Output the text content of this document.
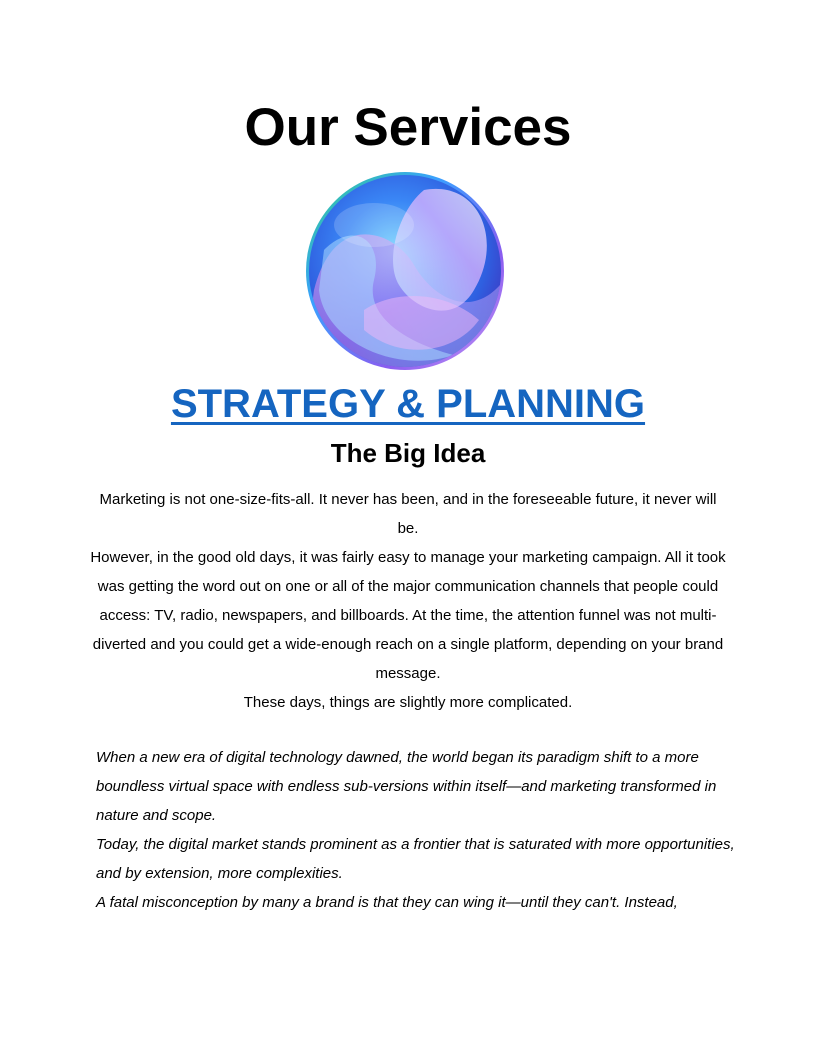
Our Services
STRATEGY & PLANNING
The Big Idea

Marketing is not one-size-fits-all. It never has been, and in the foreseeable future, it never will be.

However, in the good old days, it was fairly easy to manage your marketing campaign. All it took was getting the word out on one or all of the major communication channels that people could access: TV, radio, newspapers, and billboards. At the time, the attention funnel was not multi-diverted and you could get a wide-enough reach on a single platform, depending on your brand message.

These days, things are slightly more complicated.

When a new era of digital technology dawned, the world began its paradigm shift to a more boundless virtual space with endless sub-versions within itself—and marketing transformed in nature and scope.

Today, the digital market stands prominent as a frontier that is saturated with more opportunities, and by extension, more complexities.

A fatal misconception by many a brand is that they can wing it—until they can't. Instead,
